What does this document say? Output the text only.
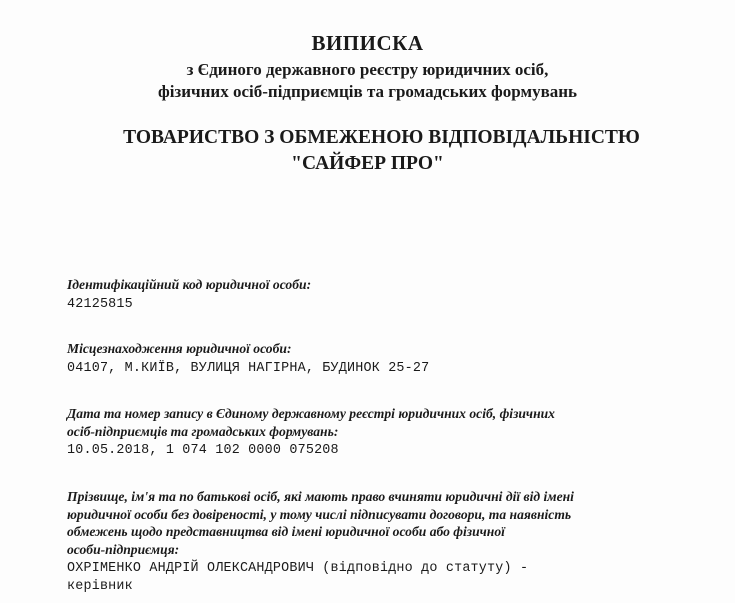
ВИПИСКА
з Єдиного державного реєстру юридичних осіб,
фізичних осіб-підприємців та громадських формувань
ТОВАРИСТВО З ОБМЕЖЕНОЮ ВІДПОВІДАЛЬНІСТЮ
"САЙФЕР ПРО"

Ідентифікаційний код юридичної особи:

42125815

Місцезнаходження юридичної особи:

04107, М.КИЇВ, ВУЛИЦЯ НАГІРНА, БУДИНОК 25-27

Дата та номер запису в Єдиному державному реєстрі юридичних осіб, фізичних

осіб-підприємців та громадських формувань:

10.05.2018, 1 074 102 0000 075208

Прізвище, ім'я та по батькові осіб, які мають право вчиняти юридичні дії від імені

юридичної особи без довіреності, у тому числі підписувати договори, та наявність

обмежень щодо представництва від імені юридичної особи або фізичної

особи-підприємця:

ОХРІМЕНКО АНДРІЙ ОЛЕКСАНДРОВИЧ (відповідно до статуту) -

керівник
